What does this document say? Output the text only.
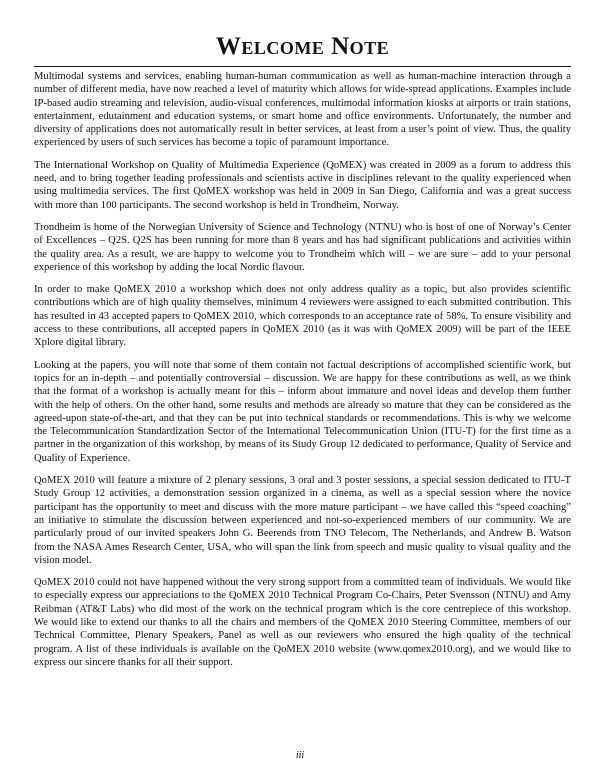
Welcome Note

Multimodal systems and services, enabling human-human communication as well as human-machine interaction through a number of different media, have now reached a level of maturity which allows for wide-spread applications. Examples include IP-based audio streaming and television, audio-visual conferences, multimodal information kiosks at airports or train stations, entertainment, edutainment and education systems, or smart home and office environments. Unfortunately, the number and diversity of applications does not automatically result in better services, at least from a user’s point of view. Thus, the quality experienced by users of such services has become a topic of paramount importance.

The International Workshop on Quality of Multimedia Experience (QoMEX) was created in 2009 as a forum to address this need, and to bring together leading professionals and scientists active in disciplines relevant to the quality experienced when using multimedia services. The first QoMEX workshop was held in 2009 in San Diego, California and was a great success with more than 100 participants. The second workshop is held in Trondheim, Norway.

Trondheim is home of the Norwegian University of Science and Technology (NTNU) who is host of one of Norway’s Center of Excellences – Q2S. Q2S has been running for more than 8 years and has had significant publications and activities within the quality area. As a result, we are happy to welcome you to Trondheim which will – we are sure – add to your personal experience of this workshop by adding the local Nordic flavour.

In order to make QoMEX 2010 a workshop which does not only address quality as a topic, but also provides scientific contributions which are of high quality themselves, minimum 4 reviewers were assigned to each submitted contribution. This has resulted in 43 accepted papers to QoMEX 2010, which corresponds to an acceptance rate of 58%. To ensure visibility and access to these contributions, all accepted papers in QoMEX 2010 (as it was with QoMEX 2009) will be part of the IEEE Xplore digital library.

Looking at the papers, you will note that some of them contain not factual descriptions of accomplished scientific work, but topics for an in-depth – and potentially controversial – discussion. We are happy for these contributions as well, as we think that the format of a workshop is actually meant for this – inform about immature and novel ideas and develop them further with the help of others. On the other hand, some results and methods are already so mature that they can be considered as the agreed-upon state-of-the-art, and that they can be put into technical standards or recommendations. This is why we welcome the Telecommunication Standardization Sector of the International Telecommunication Union (ITU-T) for the first time as a partner in the organization of this workshop, by means of its Study Group 12 dedicated to performance, Quality of Service and Quality of Experience.

QoMEX 2010 will feature a mixture of 2 plenary sessions, 3 oral and 3 poster sessions, a special session dedicated to ITU-T Study Group 12 activities, a demonstration session organized in a cinema, as well as a special session where the novice participant has the opportunity to meet and discuss with the more mature participant – we have called this “speed coaching” an initiative to stimulate the discussion between experienced and not-so-experienced members of our community. We are particularly proud of our invited speakers John G. Beerends from TNO Telecom, The Netherlands, and Andrew B. Watson from the NASA Ames Research Center, USA, who will span the link from speech and music quality to visual quality and the vision model.

QoMEX 2010 could not have happened without the very strong support from a committed team of individuals. We would like to especially express our appreciations to the QoMEX 2010 Technical Program Co-Chairs, Peter Svensson (NTNU) and Amy Reibman (AT&T Labs) who did most of the work on the technical program which is the core centrepiece of this workshop. We would like to extend our thanks to all the chairs and members of the QoMEX 2010 Steering Committee, members of our Technical Committee, Plenary Speakers, Panel as well as our reviewers who ensured the high quality of the technical program. A list of these individuals is available on the QoMEX 2010 website (www.qomex2010.org), and we would like to express our sincere thanks for all their support.

iii
